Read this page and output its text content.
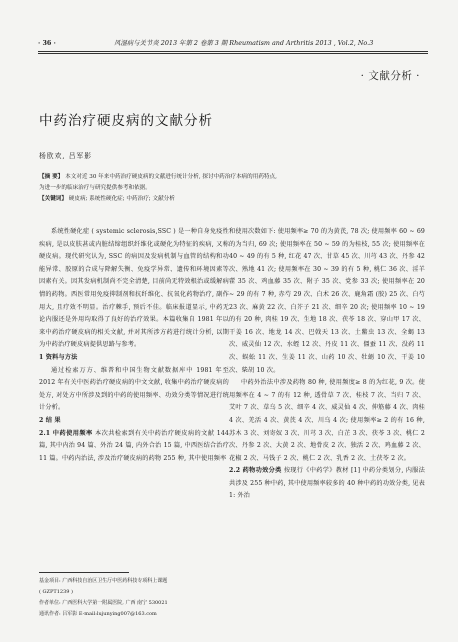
· 36 ·	风湿病与关节炎 2013 年第 2 卷第 3 期 Rheumatism and Arthritis 2013 , Vol.2, No.3
· 文献分析 ·
中药治疗硬皮病的文献分析
杨欧欢, 吕军影
【摘 要】 本文对近 30 年来中药治疗硬皮病的文献进行统计分析, 探讨中药治疗本病的用药特点,
为进一步的临床治疗与研究提供参考和依据。
【关键词】 硬皮病; 系统性硬化症; 中药治疗; 文献分析

系统性硬化症 ( systemic sclerosis,SSC ) 是一种自身免疫性疾病, 是以皮肤甚或内脏结缔组织纤维化或硬化为特征的疾病, 又称硬皮病。现代研究认为, SSC 的病因及发病机制与血管的结构和功能异常、胶原的合成与降解失衡、免疫学异常、遗传和环境因素等因素有关。因其发病机制尚不完全清楚, 目前尚无特效根治或缓解病情的药物。西医常用免疫抑制剂和抗纤维化、抗氧化药物治疗, 副作用大, 且疗效不明显。治疗棘手, 预后不佳。临床报道显示, 中药无论内服还是外用均取得了良好的治疗效果。本篇收集自 1981 年以来中药治疗硬皮病的相关文献, 并对其所涉方药进行统计分析, 以期为中药治疗硬皮病提供思路与参考。

1 资料与方法

通过检索万方、维普和中国生物文献数据库中 1981 年至 2012 年有关中医药治疗硬皮病的中文文献, 收集中药治疗硬皮病的处方, 对处方中所涉及到的中药的使用频率、功效分类等情况进行统计分析。

2 结 果

2.1 中药使用频率 本次共检索到有关中药治疗硬皮病的文献 144 篇, 其中内治 94 篇、外治 24 篇, 内外合治 15 篇, 中西医结合治疗 11 篇。中药内治法, 涉及治疗硬皮病的药物 255 种, 其中使用频率

和使用次数如下: 使用频率≥ 70 的为黄芪, 78 次; 使用频率 60 ~ 69 的为当归, 69 次; 使用频率在 50 ~ 59 的为桂枝, 55 次; 使用频率在 40 ~ 49 的有 5 种, 红花 47 次、甘草 45 次、川芎 43 次、丹参 42 次、熟地 41 次; 使用频率在 30 ~ 39 的有 5 种, 桃仁 36 次、淫羊藿 35 次、鸡血藤 35 次、附子 35 次、党参 33 次; 使用频率在 20 ~ 29 的有 7 种, 赤芍 29 次、白术 26 次、鹿角霜 (胶) 25 次、白芍 23 次、麻黄 22 次、白芥子 21 次、细辛 20 次; 使用频率 10 ~ 19 的有 20 种, 肉桂 19 次、生地 18 次、茯苓 18 次、穿山甲 17 次、干姜 16 次、地龙 14 次、巴戟天 13 次、土鳖虫 13 次、全蝎 13 次、威灵仙 12 次、水蛭 12 次、丹皮 11 次、僵蚕 11 次、没药 11 次、蜈蚣 11 次、生姜 11 次、山药 10 次、牡蛎 10 次、干姜 10 次、柴胡 10 次。

中药外治法中涉及药物 80 种, 使用频度≥ 8 的为红花, 9 次。使用频率在 4 ~ 7 的有 12 种, 透骨草 7 次、桂枝 7 次、当归 7 次、艾叶 7 次、草乌 5 次、细辛 4 次、威灵仙 4 次、伸筋藤 4 次、肉桂 4 次、羌活 4 次、黄芪 4 次、川乌 4 次; 使用频率≥ 2 的有 16 种, 苏木 3 次、刘寄奴 3 次、川芎 3 次、白芷 3 次、茯苓 3 次、桃仁 2 次、丹参 2 次、大黄 2 次、地骨皮 2 次、独活 2 次、鸡血藤 2 次、花椒 2 次、马钱子 2 次、桃仁 2 次、乳香 2 次、土茯苓 2 次。

2.2 药物功效分类 按现行《中药学》教材 [1] 中药分类划分, 内服法共涉及 255 种中药, 其中使用频率较多的 40 种中药的功效分类, 见表 1: 外治

基金项目: 广西科技自治区卫生厅中医药科技专项科上课题
( GZPT1239 )
作者单位: 广西医科大学第一附属医院, 广西 南宁 530021
通讯作者: 吕军影 E-mail:lujunying007@163.com
